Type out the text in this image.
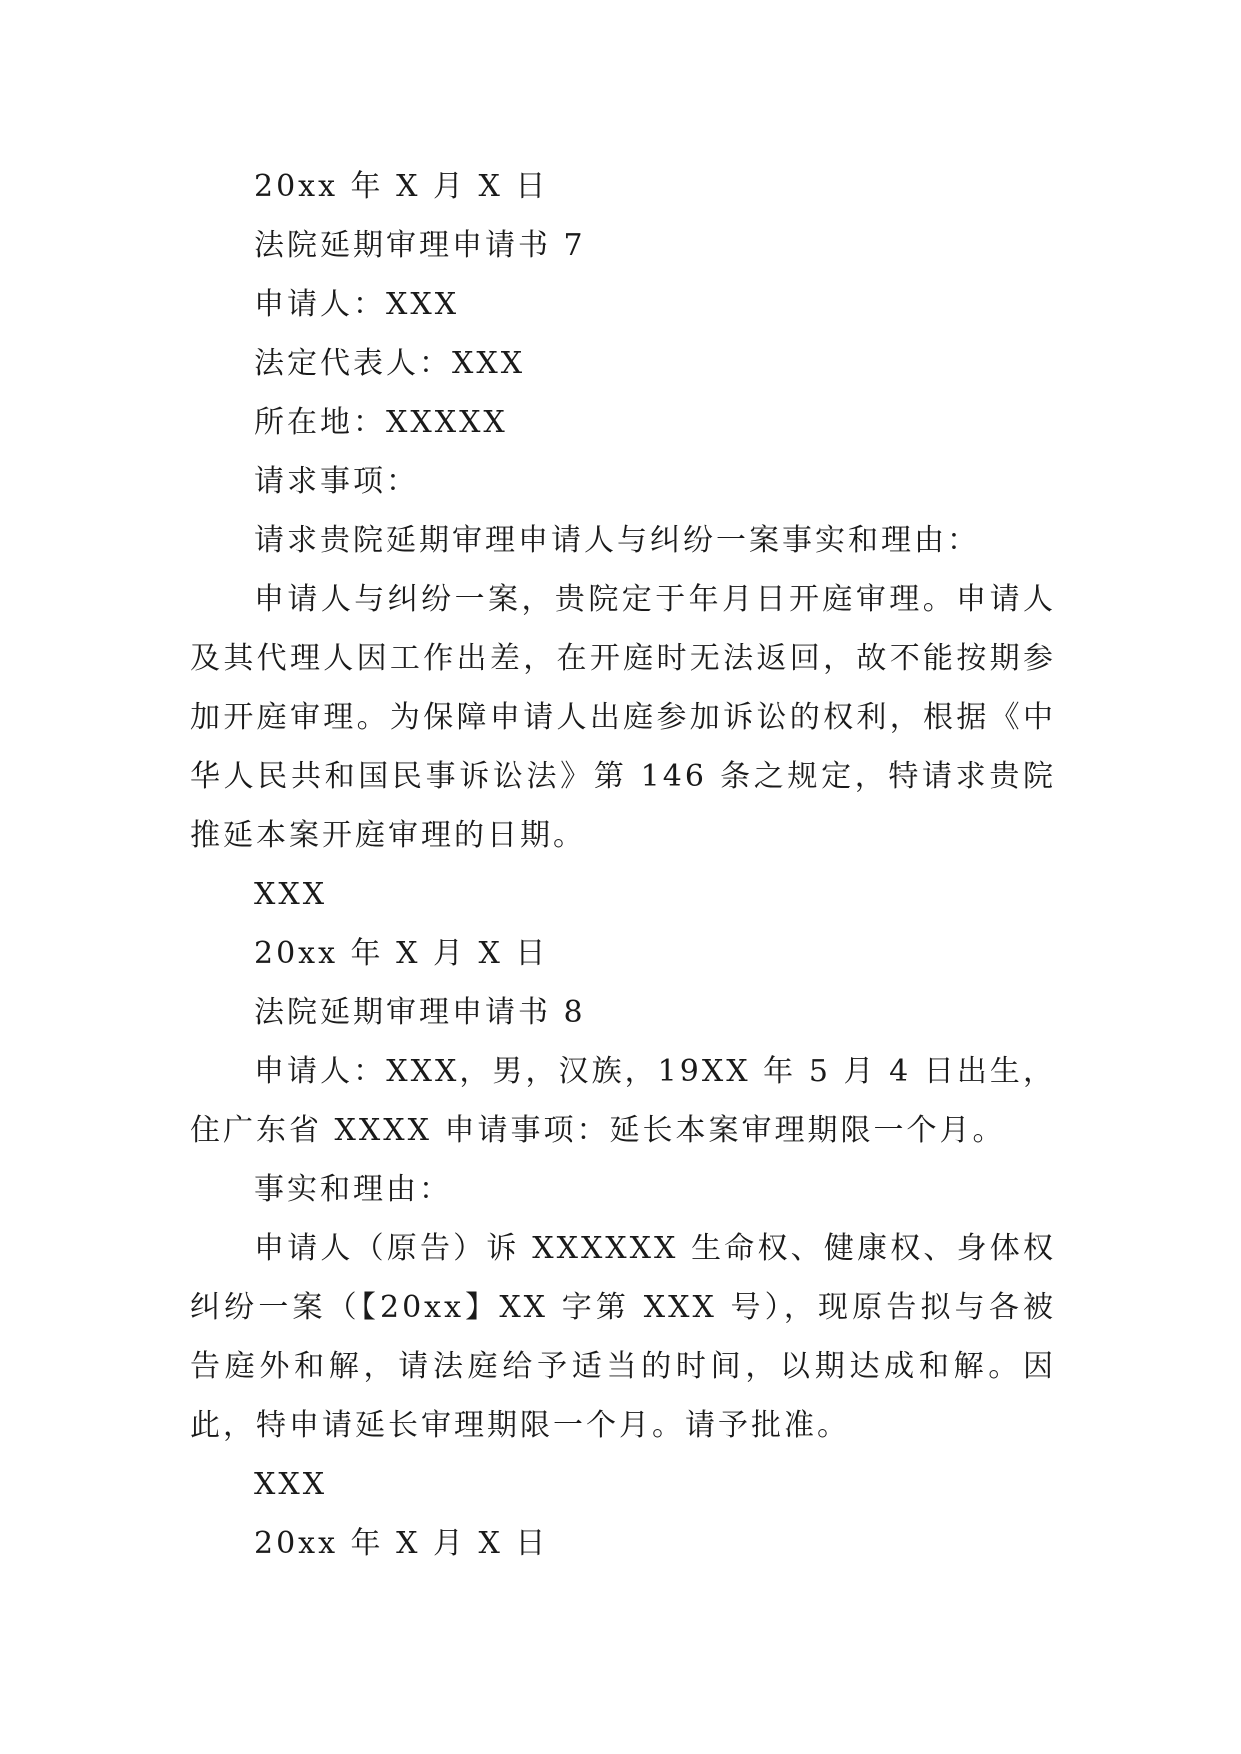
20xx 年 X 月 X 日

法院延期审理申请书 7

申请人：XXX

法定代表人：XXX

所在地：XXXXX

请求事项：

请求贵院延期审理申请人与纠纷一案事实和理由：

申请人与纠纷一案，贵院定于年月日开庭审理。申请人及其代理人因工作出差，在开庭时无法返回，故不能按期参加开庭审理。为保障申请人出庭参加诉讼的权利，根据《中华人民共和国民事诉讼法》第 146 条之规定，特请求贵院推延本案开庭审理的日期。

XXX

20xx 年 X 月 X 日

法院延期审理申请书 8

申请人：XXX，男，汉族，19XX 年 5 月 4 日出生，住广东省 XXXX 申请事项：延长本案审理期限一个月。

事实和理由：

申请人（原告）诉 XXXXXX 生命权、健康权、身体权纠纷一案（【20xx】XX 字第 XXX 号），现原告拟与各被告庭外和解，请法庭给予适当的时间，以期达成和解。因此，特申请延长审理期限一个月。请予批准。

XXX

20xx 年 X 月 X 日
